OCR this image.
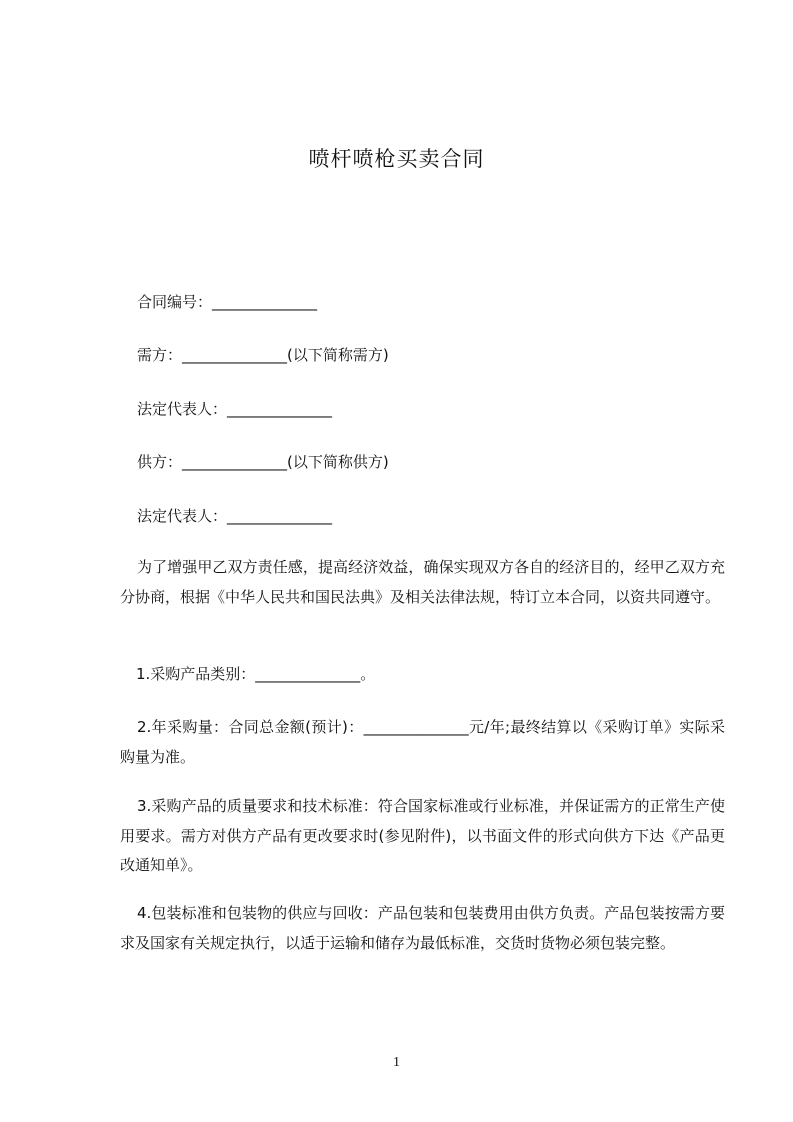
喷杆喷枪买卖合同
合同编号：______________
需方：______________(以下简称需方)
法定代表人：______________
供方：______________(以下简称供方)
法定代表人：______________
为了增强甲乙双方责任感，提高经济效益，确保实现双方各自的经济目的，经甲乙双方充分协商，根据《中华人民共和国民法典》及相关法律法规，特订立本合同，以资共同遵守。
1.采购产品类别：______________。
2.年采购量：合同总金额(预计)：______________元/年;最终结算以《采购订单》实际采购量为准。
3.采购产品的质量要求和技术标准：符合国家标准或行业标准，并保证需方的正常生产使用要求。需方对供方产品有更改要求时(参见附件)，以书面文件的形式向供方下达《产品更改通知单》。
4.包装标准和包装物的供应与回收：产品包装和包装费用由供方负责。产品包装按需方要求及国家有关规定执行，以适于运输和储存为最低标准，交货时货物必须包装完整。
1
